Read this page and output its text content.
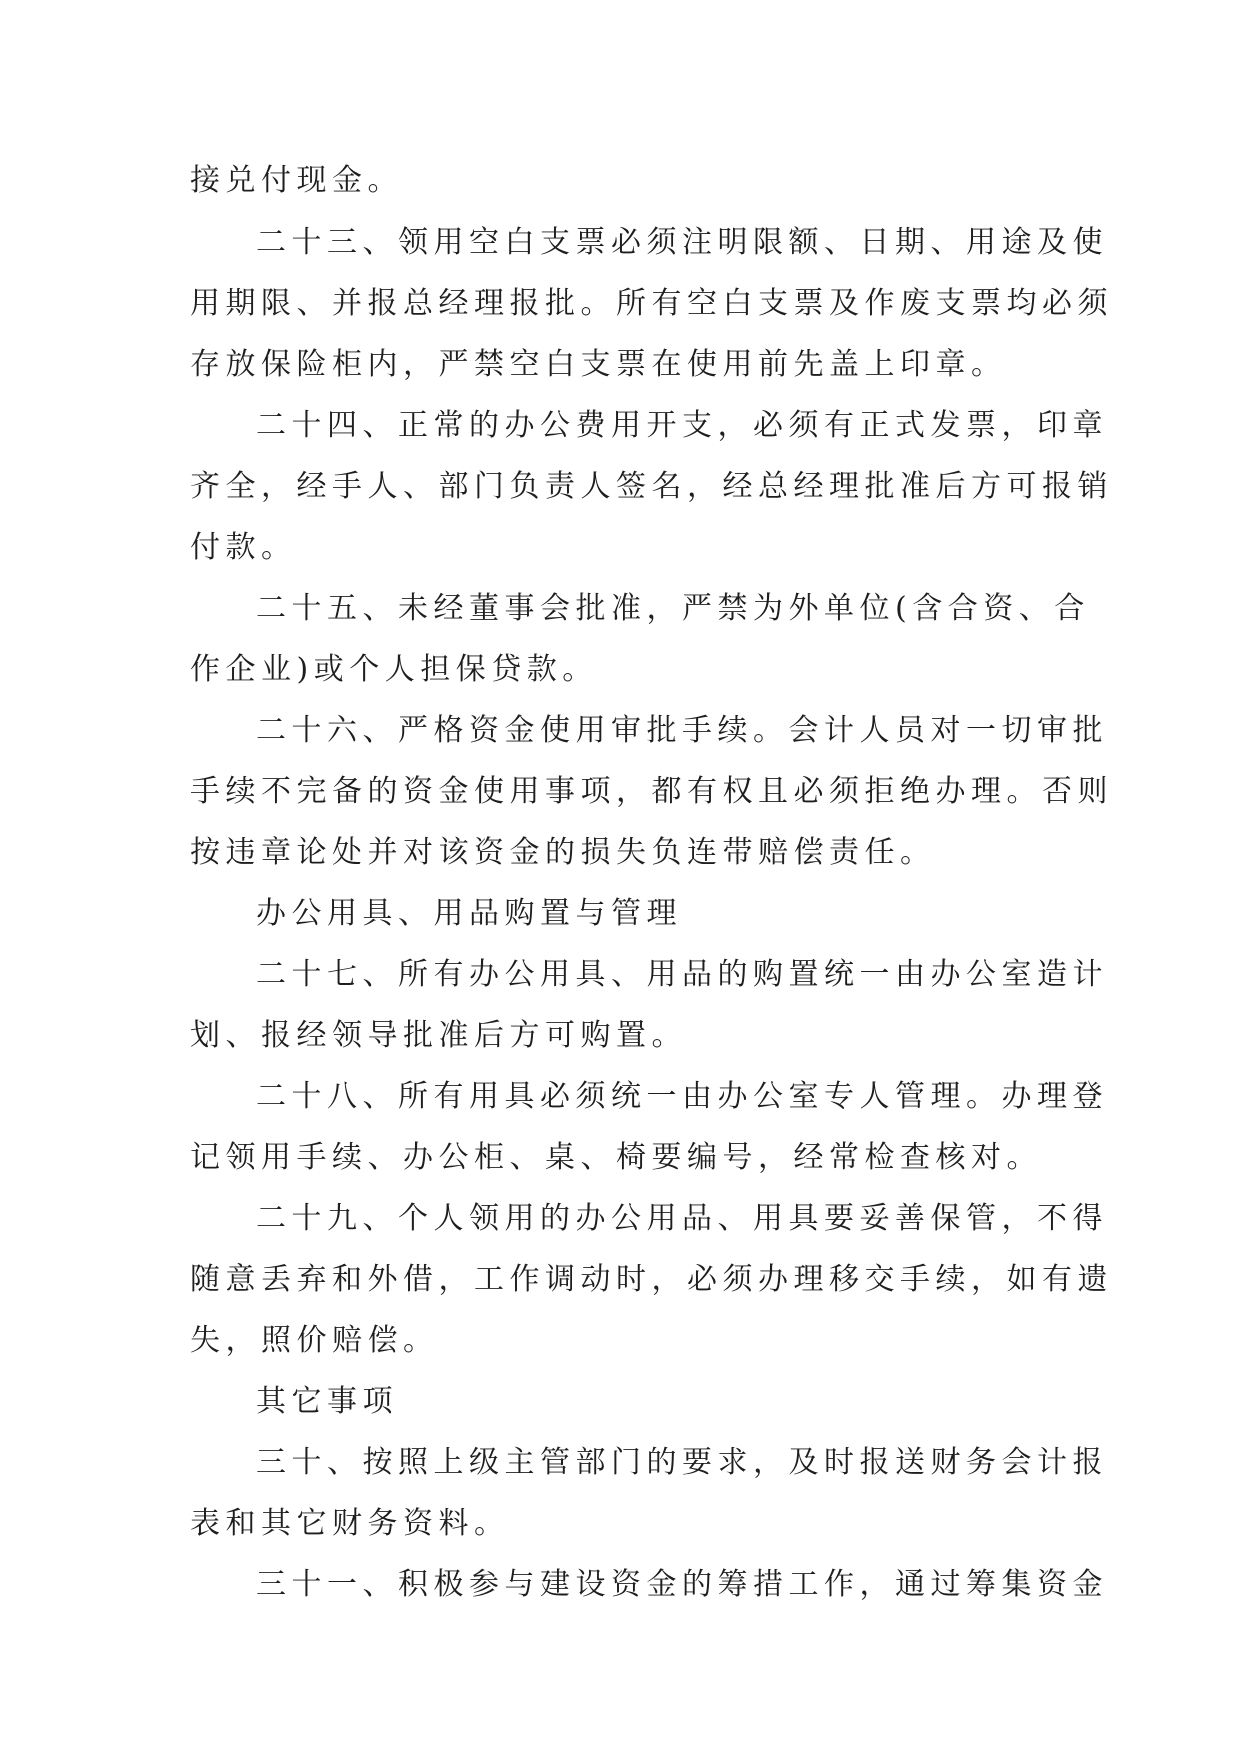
接兑付现金。
二十三、领用空白支票必须注明限额、日期、用途及使
用期限、并报总经理报批。所有空白支票及作废支票均必须
存放保险柜内，严禁空白支票在使用前先盖上印章。
二十四、正常的办公费用开支，必须有正式发票，印章
齐全，经手人、部门负责人签名，经总经理批准后方可报销
付款。
二十五、未经董事会批准，严禁为外单位(含合资、合
作企业)或个人担保贷款。
二十六、严格资金使用审批手续。会计人员对一切审批
手续不完备的资金使用事项，都有权且必须拒绝办理。否则
按违章论处并对该资金的损失负连带赔偿责任。
办公用具、用品购置与管理
二十七、所有办公用具、用品的购置统一由办公室造计
划、报经领导批准后方可购置。
二十八、所有用具必须统一由办公室专人管理。办理登
记领用手续、办公柜、桌、椅要编号，经常检查核对。
二十九、个人领用的办公用品、用具要妥善保管，不得
随意丢弃和外借，工作调动时，必须办理移交手续，如有遗
失，照价赔偿。
其它事项
三十、按照上级主管部门的要求，及时报送财务会计报
表和其它财务资料。
三十一、积极参与建设资金的筹措工作，通过筹集资金
